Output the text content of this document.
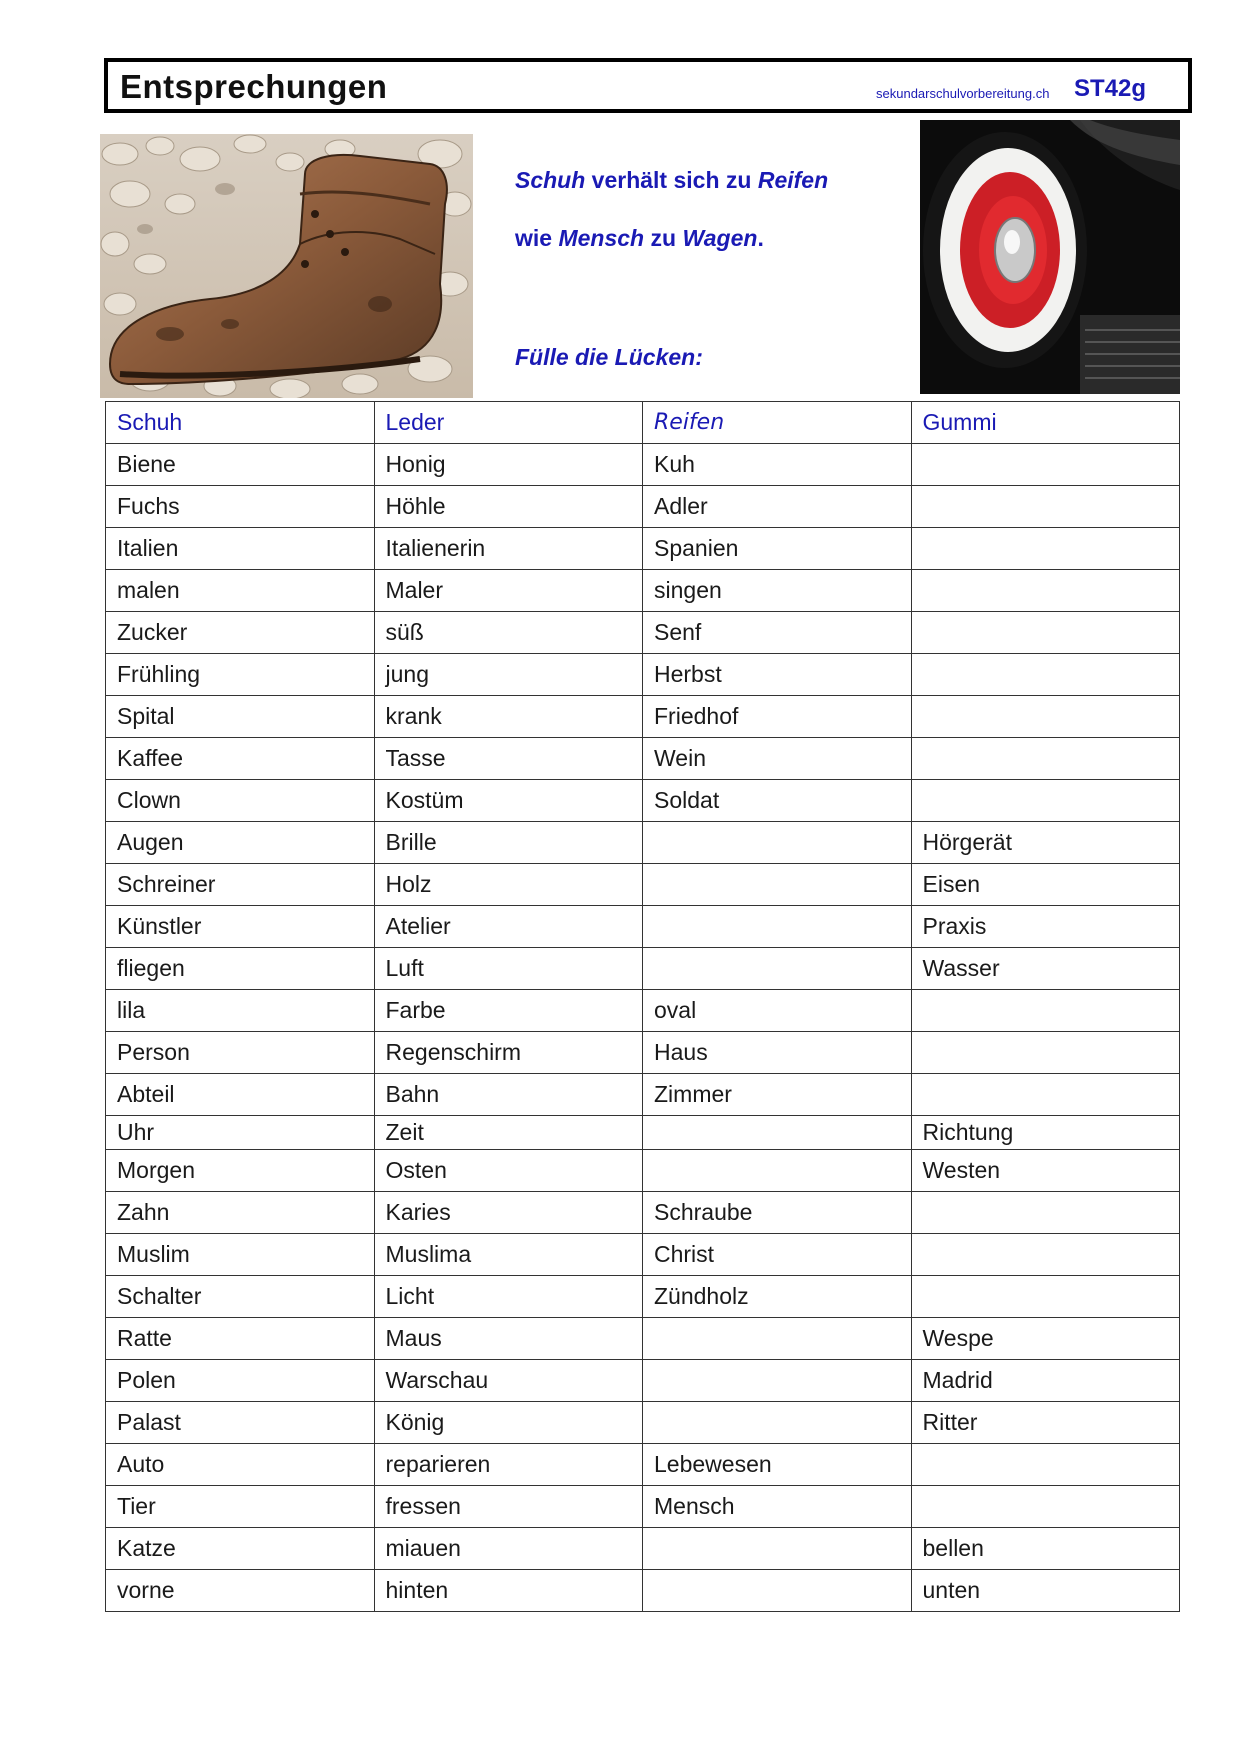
Entsprechungen	sekundarschulvorbereitung.ch ST42g
Schuh verhält sich zu Reifen
wie Mensch zu Wagen.
Fülle die Lücken:
Schuh	Leder	Reifen	Gummi
Biene	Honig	Kuh	
Fuchs	Höhle	Adler	
Italien	Italienerin	Spanien	
malen	Maler	singen	
Zucker	süß	Senf	
Frühling	jung	Herbst	
Spital	krank	Friedhof	
Kaffee	Tasse	Wein	
Clown	Kostüm	Soldat	
Augen	Brille		Hörgerät
Schreiner	Holz		Eisen
Künstler	Atelier		Praxis
fliegen	Luft		Wasser
lila	Farbe	oval	
Person	Regenschirm	Haus	
Abteil	Bahn	Zimmer	
Uhr	Zeit		Richtung
Morgen	Osten		Westen
Zahn	Karies	Schraube	
Muslim	Muslima	Christ	
Schalter	Licht	Zündholz	
Ratte	Maus		Wespe
Polen	Warschau		Madrid
Palast	König		Ritter
Auto	reparieren	Lebewesen	
Tier	fressen	Mensch	
Katze	miauen		bellen
vorne	hinten		unten
